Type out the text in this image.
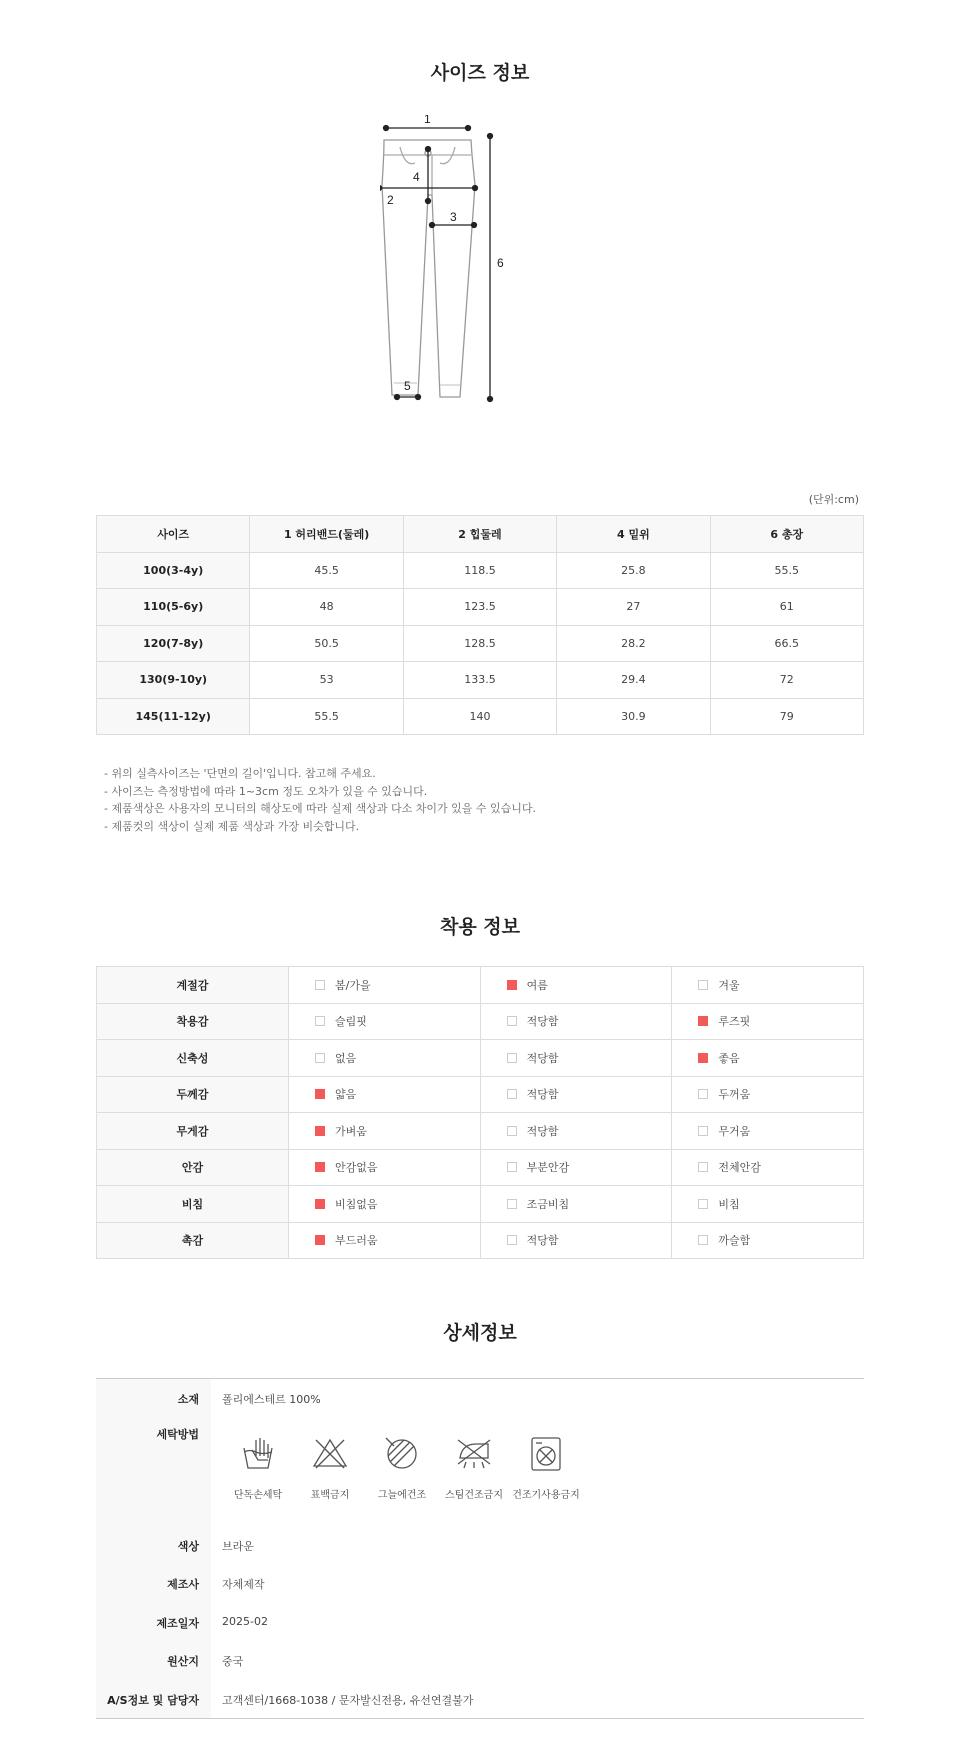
사이즈 정보
1
2
3
4
5
6
(단위:cm)
사이즈	1 허리밴드(둘레)	2 힙둘레	4 밑위	6 총장
100(3-4y)	45.5	118.5	25.8	55.5
110(5-6y)	48	123.5	27	61
120(7-8y)	50.5	128.5	28.2	66.5
130(9-10y)	53	133.5	29.4	72
145(11-12y)	55.5	140	30.9	79
- 위의 실측사이즈는 '단면의 길이'입니다. 참고해 주세요.
- 사이즈는 측정방법에 따라 1~3cm 정도 오차가 있을 수 있습니다.
- 제품색상은 사용자의 모니터의 해상도에 따라 실제 색상과 다소 차이가 있을 수 있습니다.
- 제품컷의 색상이 실제 제품 색상과 가장 비슷합니다.
착용 정보
계절감	봄/가을	여름	겨울

착용감	슬림핏	적당함	루즈핏

신축성	없음	적당함	좋음

두께감	얇음	적당함	두꺼움

무게감	가벼움	적당함	무거움

안감	안감없음	부분안감	전체안감

비침	비침없음	조금비침	비침

촉감	부드러움	적당함	까슬함
상세정보
소재 폴리에스테르 100%
세탁방법
단독손세탁	표백금지	그늘에건조 스팀건조금지 건조기사용금지
색상 브라운
제조사 자체제작
제조일자 2025-02
원산지 중국
A/S정보 및 담당자 고객센터/1668-1038 / 문자발신전용, 유선연결불가
